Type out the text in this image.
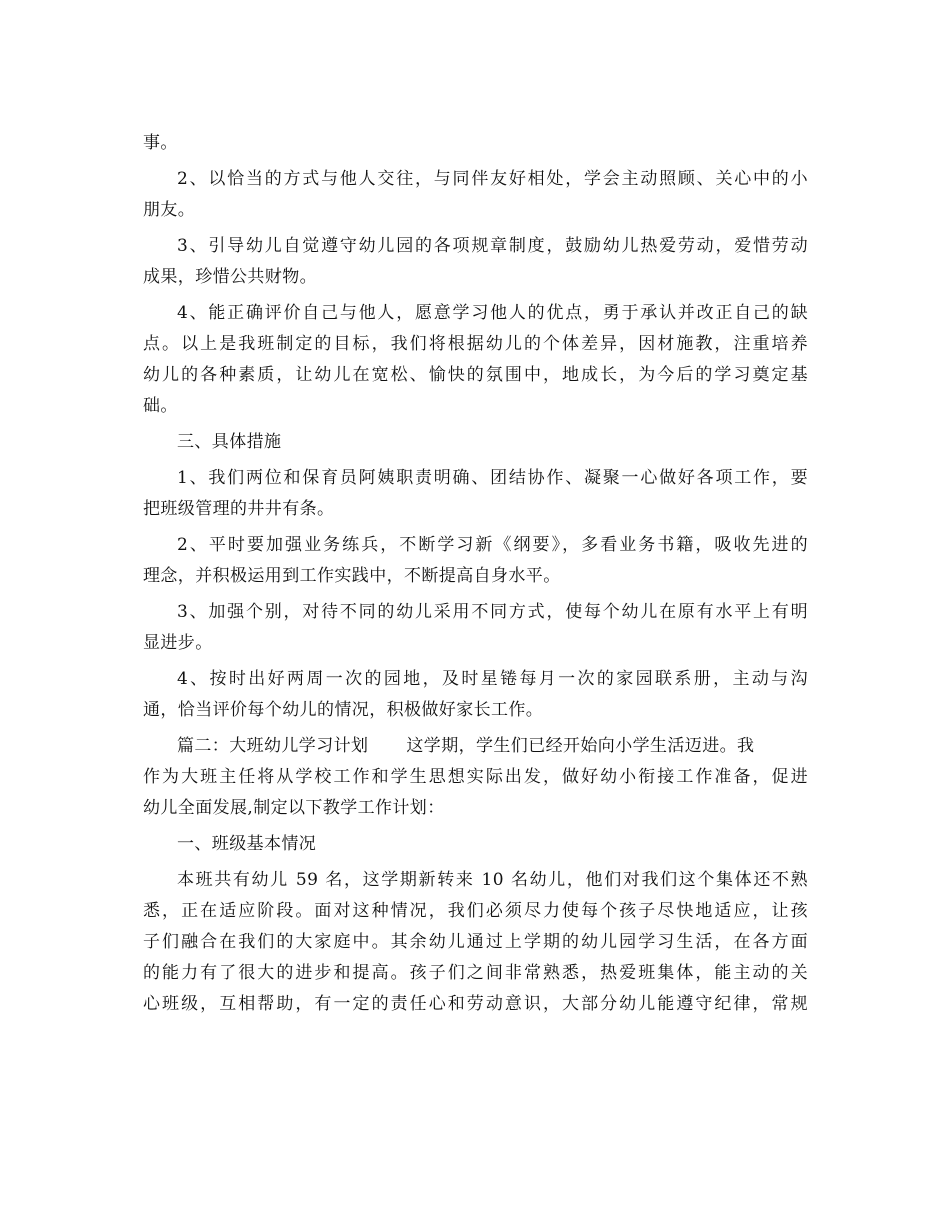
事。
2、以恰当的方式与他人交往，与同伴友好相处，学会主动照顾、关心中的小
朋友。
3、引导幼儿自觉遵守幼儿园的各项规章制度，鼓励幼儿热爱劳动，爱惜劳动
成果，珍惜公共财物。
4、能正确评价自己与他人，愿意学习他人的优点，勇于承认并改正自己的缺
点。以上是我班制定的目标，我们将根据幼儿的个体差异，因材施教，注重培养
幼儿的各种素质，让幼儿在宽松、愉快的氛围中，地成长，为今后的学习奠定基
础。
三、具体措施
1、我们两位和保育员阿姨职责明确、团结协作、凝聚一心做好各项工作，要
把班级管理的井井有条。
2、平时要加强业务练兵，不断学习新《纲要》，多看业务书籍，吸收先进的
理念，并积极运用到工作实践中，不断提高自身水平。
3、加强个别，对待不同的幼儿采用不同方式，使每个幼儿在原有水平上有明
显进步。
4、按时出好两周一次的园地，及时星锩每月一次的家园联系册，主动与沟
通，恰当评价每个幼儿的情况，积极做好家长工作。
篇二：大班幼儿学习计划 这学期，学生们已经开始向小学生活迈进。我
作为大班主任将从学校工作和学生思想实际出发，做好幼小衔接工作准备，促进
幼儿全面发展,制定以下教学工作计划：
一、班级基本情况
本班共有幼儿 59 名，这学期新转来 10 名幼儿，他们对我们这个集体还不熟
悉，正在适应阶段。面对这种情况，我们必须尽力使每个孩子尽快地适应，让孩
子们融合在我们的大家庭中。其余幼儿通过上学期的幼儿园学习生活，在各方面
的能力有了很大的进步和提高。孩子们之间非常熟悉，热爱班集体，能主动的关
心班级，互相帮助，有一定的责任心和劳动意识，大部分幼儿能遵守纪律，常规
